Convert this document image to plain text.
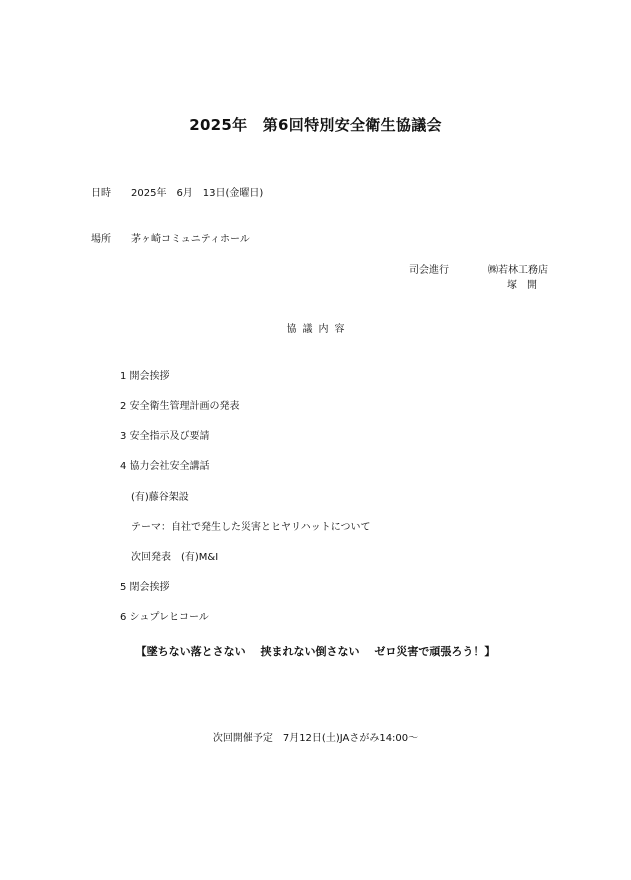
2025年　第6回特別安全衛生協議会
日時 2025年　6月　13日(金曜日)
場所 茅ヶ崎コミュニティホール
司会進行	㈱若林工務店
塚　開
協議内容
1 開会挨拶
2 安全衛生管理計画の発表
3 安全指示及び要請
4 協力会社安全講話
(有)藤谷架設
テーマ：自社で発生した災害とヒヤリハットについて
次回発表　(有)M&I
5 閉会挨拶
6 シュプレヒコール
【墜ちない落とさない　 挟まれない倒さない　 ゼロ災害で頑張ろう！】
次回開催予定　7月12日(土)JAさがみ14:00～
